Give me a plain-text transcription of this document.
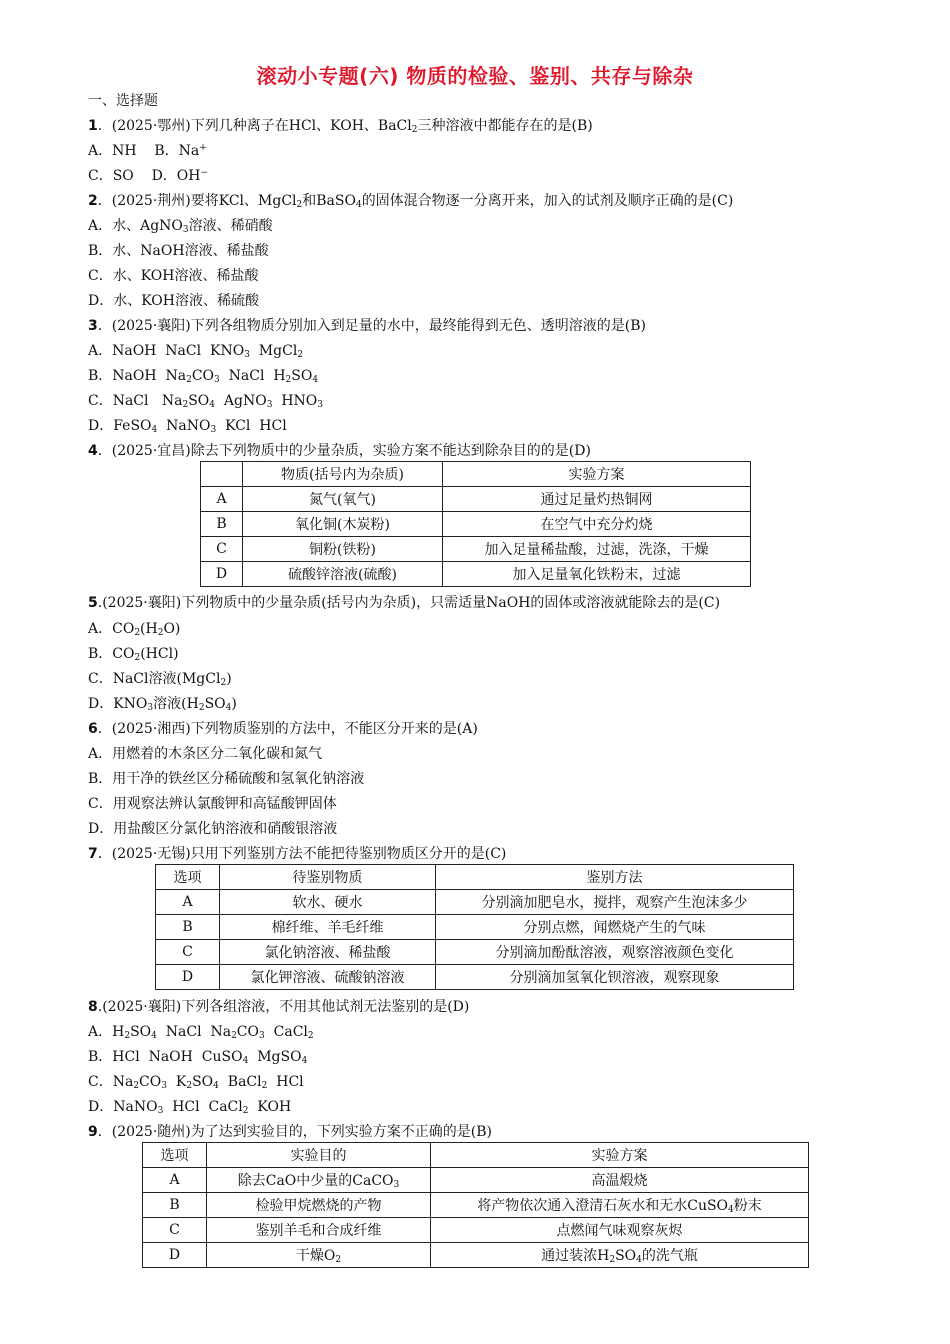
滚动小专题(六) 物质的检验、鉴别、共存与除杂
一、选择题
1．(2025·鄂州)下列几种离子在HCl、KOH、BaCl$_2$三种溶液中都能存在的是(B)
A．NH    B．Na+
C．SO    D．OH−
2．(2025·荆州)要将KCl、MgCl$_2$和BaSO$_4$的固体混合物逐一分离开来，加入的试剂及顺序正确的是(C)
A．水、AgNO$_3$溶液、稀硝酸
B．水、NaOH溶液、稀盐酸
C．水、KOH溶液、稀盐酸
D．水、KOH溶液、稀硫酸
3．(2025·襄阳)下列各组物质分别加入到足量的水中，最终能得到无色、透明溶液的是(B)
A．NaOH  NaCl  $KNO_3$  MgCl$_2$
B．NaOH  $Na_2CO_3$  NaCl  $H_2SO_4$
C．NaCl   $Na_2SO_4$  AgNO$_3$  $HNO_3$
D．FeSO$_4$  NaNO$_3$  KCl  HCl
4．(2025·宜昌)除去下列物质中的少量杂质，实验方案不能达到除杂目的的是(D)
5.(2025·襄阳)下列物质中的少量杂质(括号内为杂质)，只需适量NaOH的固体或溶液就能除去的是(C)
A．$CO_2(H_2O)$
B．$CO_2(HCl)$
C．NaCl溶液(MgCl$_2$)
D．$KNO_3$溶液$(H_2SO_4)$
6．(2025·湘西)下列物质鉴别的方法中，不能区分开来的是(A)
A．用燃着的木条区分二氧化碳和氮气
B．用干净的铁丝区分稀硫酸和氢氧化钠溶液
C．用观察法辨认氯酸钾和高锰酸钾固体
D．用盐酸区分氯化钠溶液和硝酸银溶液
7．(2025·无锡)只用下列鉴别方法不能把待鉴别物质区分开的是(C)
8.(2025·襄阳)下列各组溶液，不用其他试剂无法鉴别的是(D)
A．$H_2SO_4$  NaCl  $Na_2CO_3$  CaCl$_2$
B．HCl  NaOH  CuSO$_4$  MgSO$_4$
C．$Na_2CO_3$  $K_2SO_4$  BaCl$_2$  HCl
D．NaNO$_3$  HCl  CaCl$_2$  KOH
9．(2025·随州)为了达到实验目的，下列实验方案不正确的是(B)
	物质(括号内为杂质)	实验方案
A	氮气(氧气)	通过足量灼热铜网
B	氧化铜(木炭粉)	在空气中充分灼烧
C	铜粉(铁粉)	加入足量稀盐酸，过滤，洗涤，干燥
D	硫酸锌溶液(硫酸)	加入足量氧化铁粉末，过滤
选项	待鉴别物质	鉴别方法
A	软水、硬水	分别滴加肥皂水，搅拌，观察产生泡沫多少
B	棉纤维、羊毛纤维	分别点燃，闻燃烧产生的气味
C	氯化钠溶液、稀盐酸	分别滴加酚酞溶液，观察溶液颜色变化
D	氯化钾溶液、硫酸钠溶液	分别滴加氢氧化钡溶液，观察现象
选项	实验目的	实验方案
A	除去CaO中少量的CaCO$_3$	高温煅烧
B	检验甲烷燃烧的产物	将产物依次通入澄清石灰水和无水CuSO$_4$粉末
C	鉴别羊毛和合成纤维	点燃闻气味观察灰烬
D	干燥$O_2$	通过装浓$H_2SO_4$的洗气瓶
